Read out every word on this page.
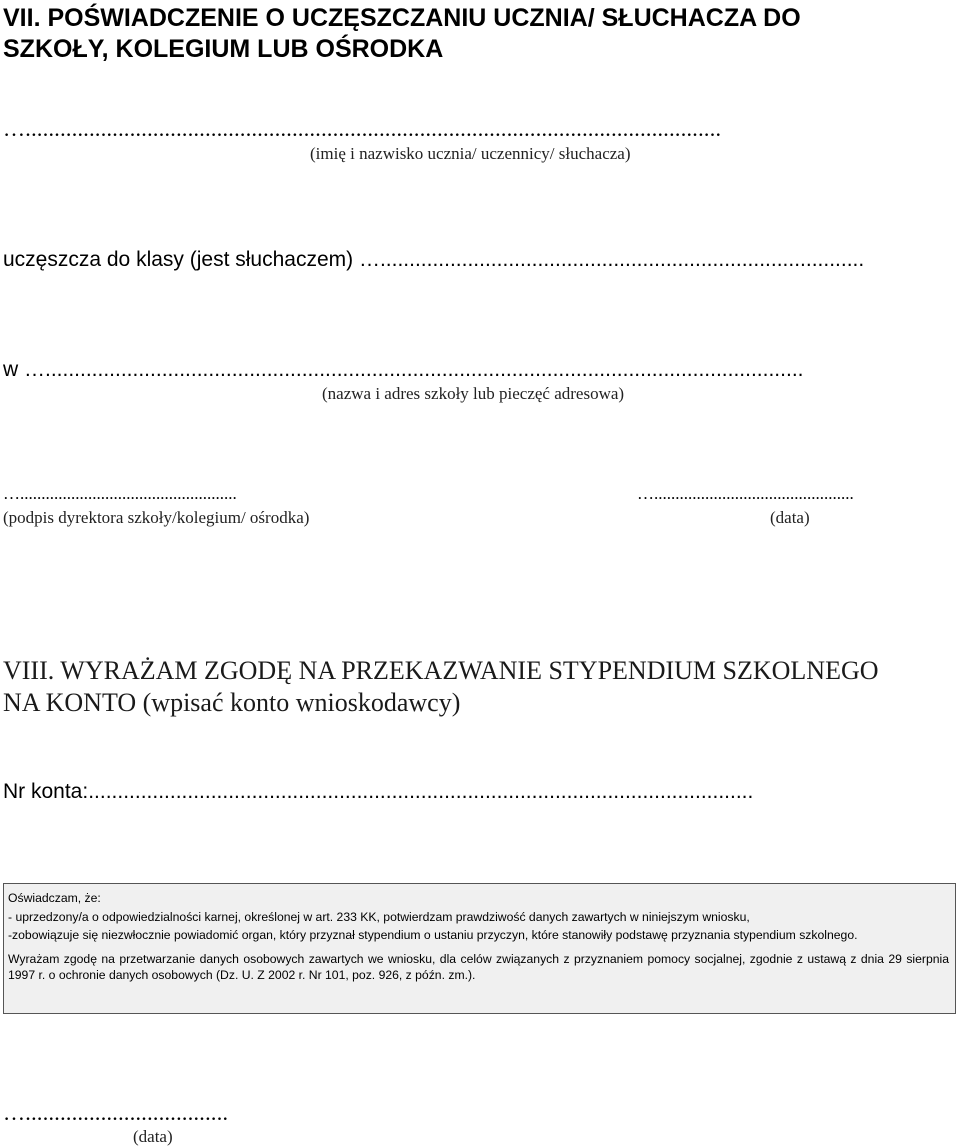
VII. POŚWIADCZENIE O UCZĘSZCZANIU UCZNIA/ SŁUCHACZA DO
SZKOŁY, KOLEGIUM LUB OŚRODKA
…........................................................................................................................
(imię i nazwisko ucznia/ uczennicy/ słuchacza)
uczęszcza do klasy (jest słuchaczem) …...................................................................................
w …..................................................................................................................................
(nazwa i adres szkoły lub pieczęć adresowa)
…...................................................
(podpis dyrektora szkoły/kolegium/ ośrodka)
…...............................................
(data)
VIII. WYRAŻAM ZGODĘ NA PRZEKAZWANIE STYPENDIUM SZKOLNEGO
NA KONTO (wpisać konto wnioskodawcy)
Nr konta:..................................................................................................................

Oświadczam, że:

- uprzedzony/a o odpowiedzialności karnej, określonej w art. 233 KK, potwierdzam prawdziwość danych zawartych w niniejszym wniosku,

-zobowiązuje się niezwłocznie powiadomić organ, który przyznał stypendium o ustaniu przyczyn, które stanowiły podstawę przyznania stypendium szkolnego.

Wyrażam zgodę na przetwarzanie danych osobowych zawartych we wniosku, dla celów związanych z przyznaniem pomocy socjalnej, zgodnie z ustawą z dnia 29 sierpnia 1997 r. o ochronie danych osobowych (Dz. U. Z 2002 r. Nr 101, poz. 926, z późn. zm.).

…...................................
(data)
